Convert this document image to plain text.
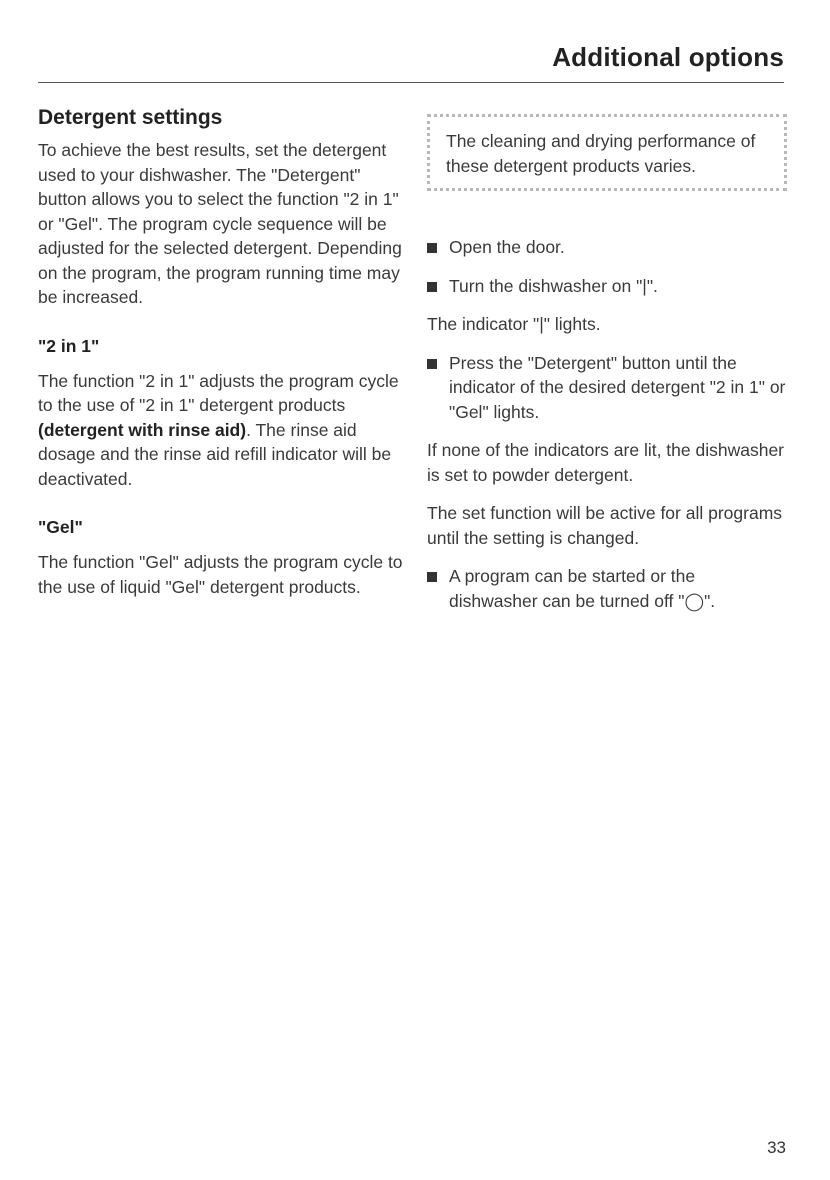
Additional options
Detergent settings

To achieve the best results, set the detergent used to your dishwasher. The "Detergent" button allows you to select the function "2 in 1" or "Gel". The program cycle sequence will be adjusted for the selected detergent. Depending on the program, the program running time may be increased.

"2 in 1"

The function "2 in 1" adjusts the program cycle to the use of "2 in 1" detergent products (detergent with rinse aid). The rinse aid dosage and the rinse aid refill indicator will be deactivated.

"Gel"

The function "Gel" adjusts the program cycle to the use of liquid "Gel" detergent products.

The cleaning and drying performance of these detergent products varies.

Open the door.

Turn the dishwasher on "|".

The indicator "|" lights.

Press the "Detergent" button until the indicator of the desired detergent "2 in 1" or "Gel" lights.

If none of the indicators are lit, the dishwasher is set to powder detergent.

The set function will be active for all programs until the setting is changed.

A program can be started or the dishwasher can be turned off "◯".

33
